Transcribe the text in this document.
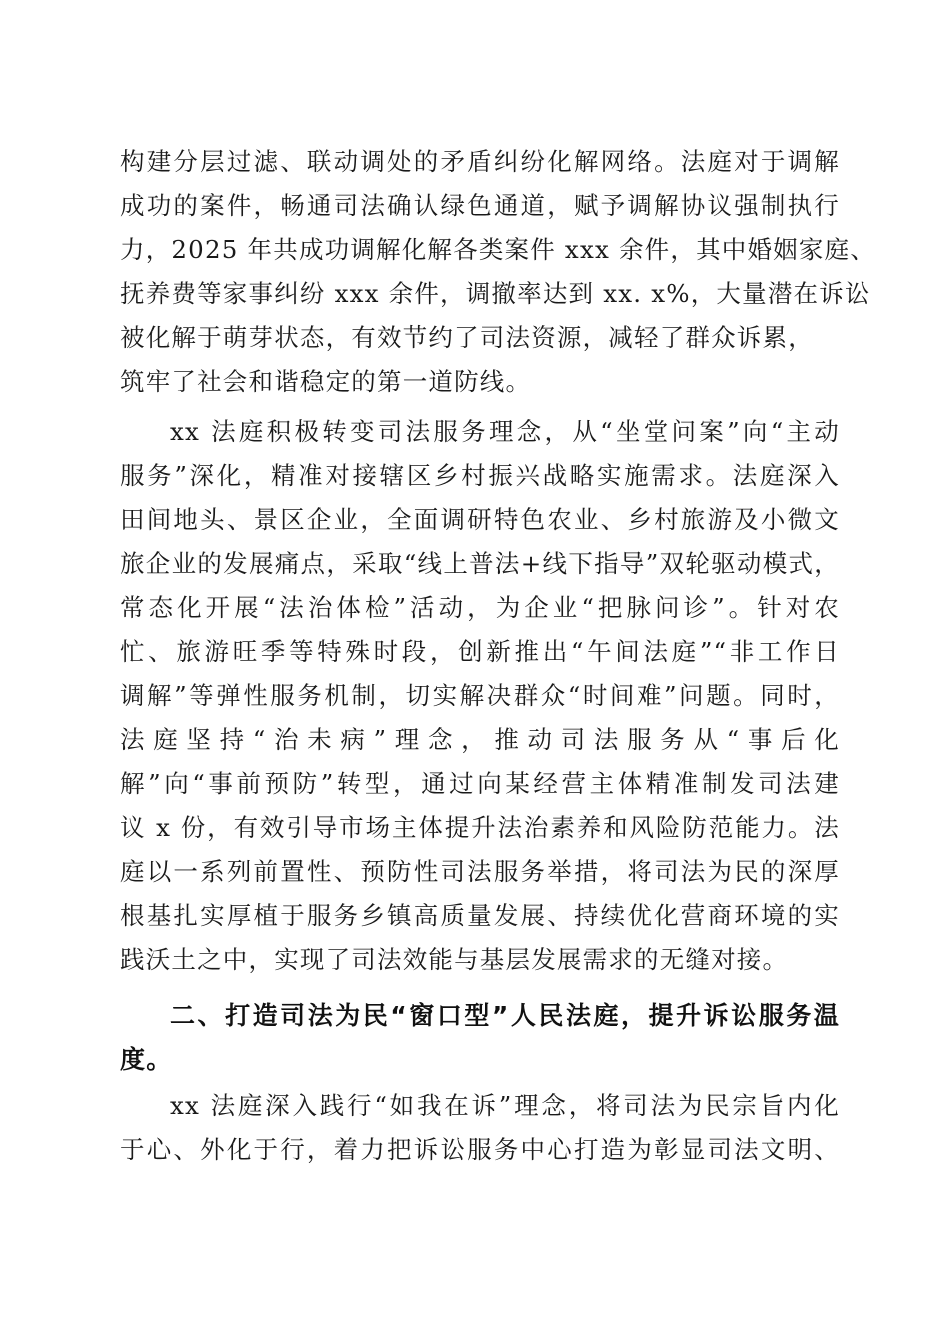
构建分层过滤、联动调处的矛盾纠纷化解网络。法庭对于调解
成功的案件，畅通司法确认绿色通道，赋予调解协议强制执行
力，2025 年共成功调解化解各类案件 xxx 余件，其中婚姻家庭、
抚养费等家事纠纷 xxx 余件，调撤率达到 xx. x%，大量潜在诉讼
被化解于萌芽状态，有效节约了司法资源，减轻了群众诉累，
筑牢了社会和谐稳定的第一道防线。
xx 法庭积极转变司法服务理念，从“坐堂问案”向“主动
服务”深化，精准对接辖区乡村振兴战略实施需求。法庭深入
田间地头、景区企业，全面调研特色农业、乡村旅游及小微文
旅企业的发展痛点，采取“线上普法+线下指导”双轮驱动模式，
常态化开展“法治体检”活动，为企业“把脉问诊”。针对农
忙、旅游旺季等特殊时段，创新推出“午间法庭”“非工作日
调解”等弹性服务机制，切实解决群众“时间难”问题。同时，
法庭坚持“治未病”理念，推动司法服务从“事后化
解”向“事前预防”转型，通过向某经营主体精准制发司法建
议 x 份，有效引导市场主体提升法治素养和风险防范能力。法
庭以一系列前置性、预防性司法服务举措，将司法为民的深厚
根基扎实厚植于服务乡镇高质量发展、持续优化营商环境的实
践沃土之中，实现了司法效能与基层发展需求的无缝对接。
二、打造司法为民“窗口型”人民法庭，提升诉讼服务温
度。
xx 法庭深入践行“如我在诉”理念，将司法为民宗旨内化
于心、外化于行，着力把诉讼服务中心打造为彰显司法文明、
